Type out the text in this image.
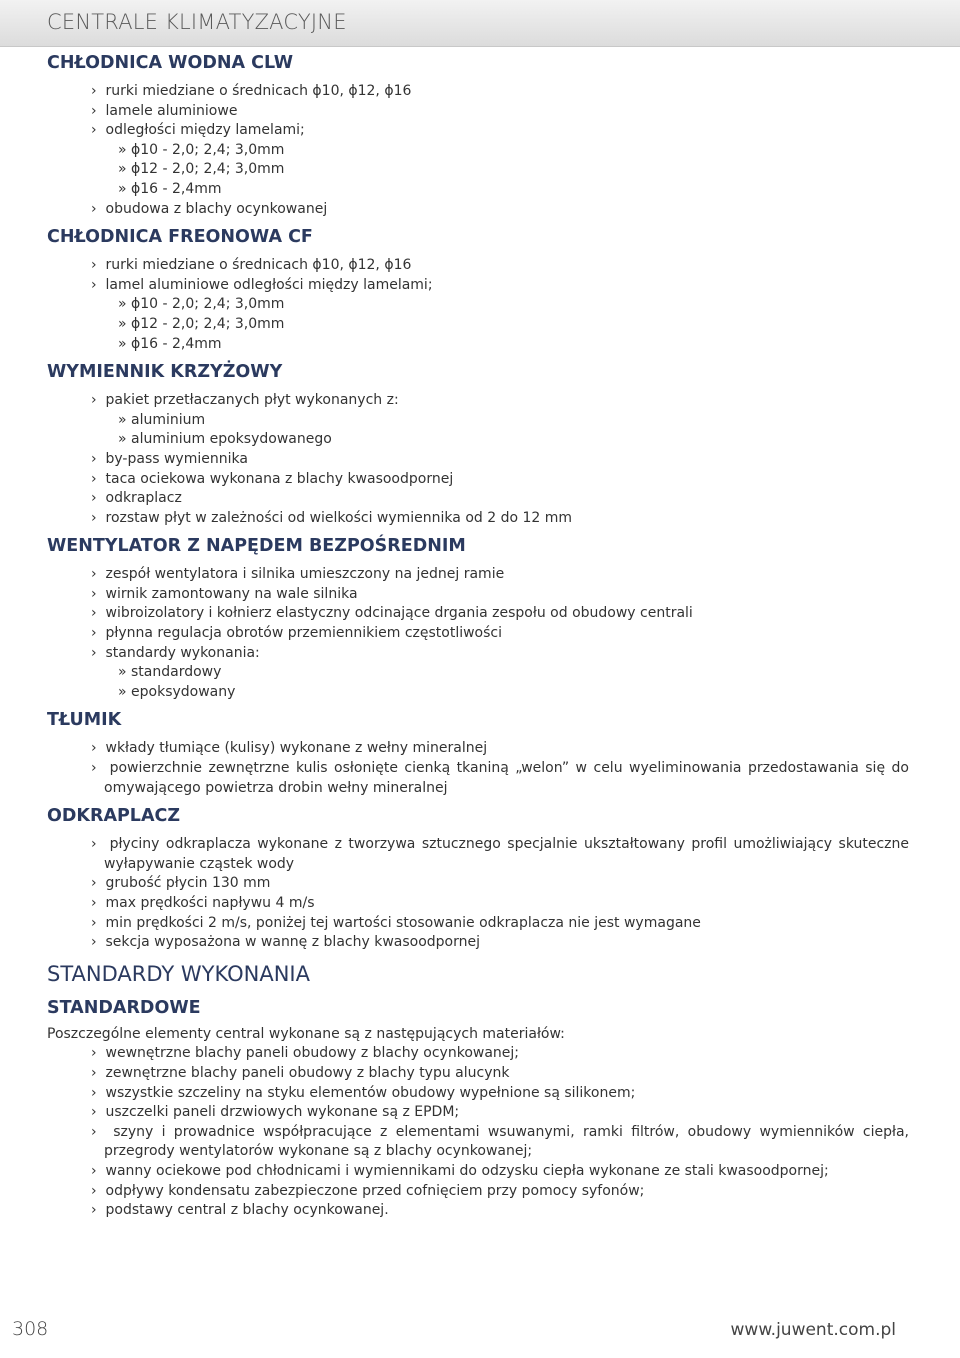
CENTRALE KLIMATYZACYJNE
CHŁODNICA WODNA CLW
›  rurki miedziane o średnicach ϕ10, ϕ12, ϕ16
›  lamele aluminiowe
›  odległości między lamelami;
» ϕ10 - 2,0; 2,4; 3,0mm
» ϕ12 - 2,0; 2,4; 3,0mm
» ϕ16 - 2,4mm
›  obudowa z blachy ocynkowanej
CHŁODNICA FREONOWA CF
›  rurki miedziane o średnicach ϕ10, ϕ12, ϕ16
›  lamel aluminiowe odległości między lamelami;
» ϕ10 - 2,0; 2,4; 3,0mm
» ϕ12 - 2,0; 2,4; 3,0mm
» ϕ16 - 2,4mm
WYMIENNIK KRZYŻOWY
›  pakiet przetłaczanych płyt wykonanych z:
» aluminium
» aluminium epoksydowanego
›  by-pass wymiennika
›  taca ociekowa wykonana z blachy kwasoodpornej
›  odkraplacz
›  rozstaw płyt w zależności od wielkości wymiennika od 2 do 12 mm
WENTYLATOR Z NAPĘDEM BEZPOŚREDNIM
›  zespół wentylatora i silnika umieszczony na jednej ramie
›  wirnik zamontowany na wale silnika
›  wibroizolatory i kołnierz elastyczny odcinające drgania zespołu od obudowy centrali
›  płynna regulacja obrotów przemiennikiem częstotliwości
›  standardy wykonania:
» standardowy
» epoksydowany
TŁUMIK
›  wkłady tłumiące (kulisy) wykonane z wełny mineralnej
›  powierzchnie zewnętrzne kulis osłonięte cienką tkaniną „welon” w celu wyeliminowania przedostawania się do omywającego powietrza drobin wełny mineralnej
ODKRAPLACZ
›  płyciny odkraplacza wykonane z tworzywa sztucznego specjalnie ukształtowany profil umożliwiający skuteczne wyłapywanie cząstek wody
›  grubość płycin 130 mm
›  max prędkości napływu 4 m/s
›  min prędkości 2 m/s, poniżej tej wartości stosowanie odkraplacza nie jest wymagane
›  sekcja wyposażona w wannę z blachy kwasoodpornej
STANDARDY WYKONANIA
STANDARDOWE
Poszczególne elementy central wykonane są z następujących materiałów:
›  wewnętrzne blachy paneli obudowy z blachy ocynkowanej;
›  zewnętrzne blachy paneli obudowy z blachy typu alucynk
›  wszystkie szczeliny na styku elementów obudowy wypełnione są silikonem;
›  uszczelki paneli drzwiowych wykonane są z EPDM;
›  szyny i prowadnice współpracujące z elementami wsuwanymi, ramki filtrów, obudowy wymienników ciepła, przegrody wentylatorów wykonane są z blachy ocynkowanej;
›  wanny ociekowe pod chłodnicami i wymiennikami do odzysku ciepła wykonane ze stali kwasoodpornej;
›  odpływy kondensatu zabezpieczone przed cofnięciem przy pomocy syfonów;
›  podstawy central z blachy ocynkowanej.
308	www.juwent.com.pl
